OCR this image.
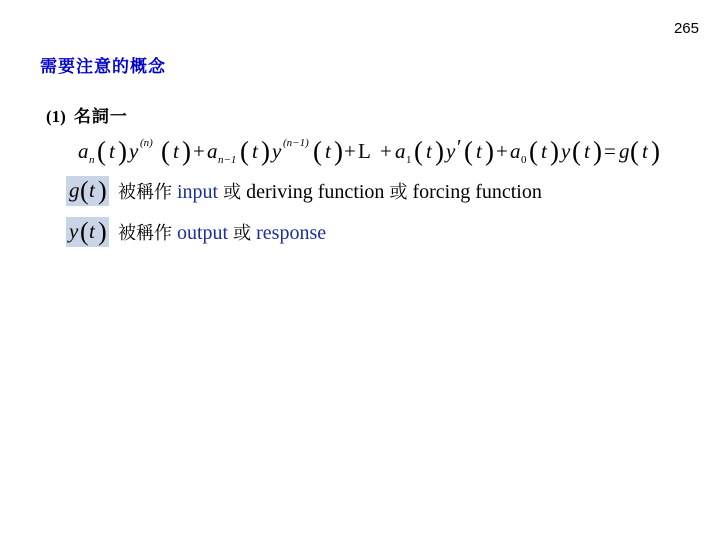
265
需要注意的概念
(1) 名詞一
a n ( t ) y (n) ( t ) + a n−1 ( t ) y (n−1) ( t ) + L + a 1 ( t ) y ′ ( t ) + a 0 ( t ) y ( t ) = g ( t )
g ( t ) 被稱作 input 或 deriving function 或 forcing function
y ( t ) 被稱作 output 或 response
